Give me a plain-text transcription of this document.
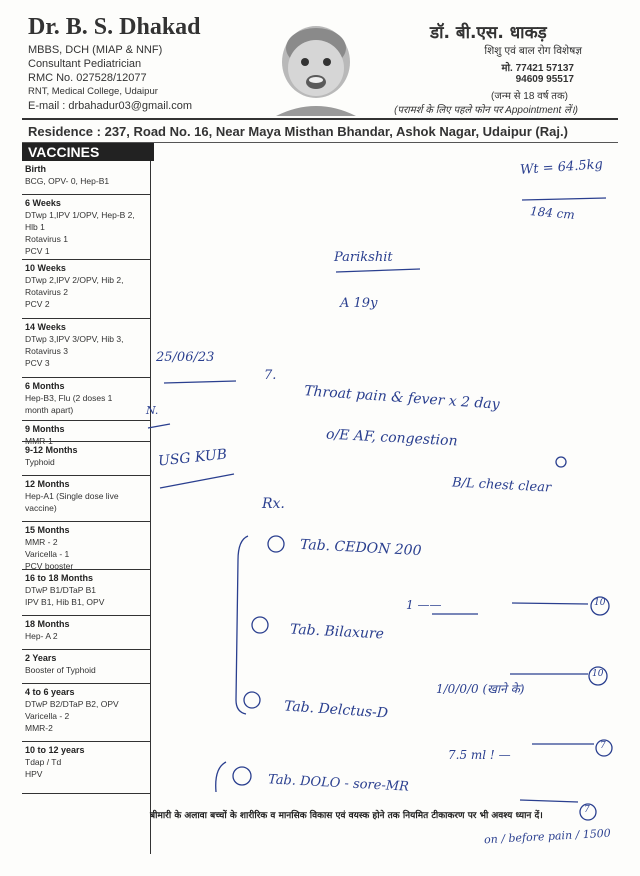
Dr. B. S. Dhakad
MBBS, DCH (MIAP & NNF)
Consultant Pediatrician
RMC No. 027528/12077
RNT, Medical College, Udaipur
E-mail : drbahadur03@gmail.com
डॉ. बी.एस. धाकड़
शिशु एवं बाल रोग विशेषज्ञ
मो. 77421 57137
94609 95517
(जन्म से 18 वर्ष तक)
(परामर्श के लिए पहले फोन पर Appointment लें।)
Residence : 237, Road No. 16, Near Maya Misthan Bhandar, Ashok Nagar, Udaipur (Raj.)
VACCINES
Birth
BCG, OPV- 0, Hep-B1
6 Weeks
DTwp 1,IPV 1/OPV, Hep-B 2,
Hlb 1
Rotavirus 1
PCV 1
10 Weeks
DTwp 2,IPV 2/OPV, Hib 2,
Rotavirus 2
PCV 2
14 Weeks
DTwp 3,IPV 3/OPV, Hib 3,
Rotavirus 3
PCV 3
6 Months
Hep-B3, Flu (2 doses 1
month apart)
9 Months
MMR-1
9-12 Months
Typhoid
12 Months
Hep-A1 (Single dose live
vaccine)
15 Months
MMR - 2
Varicella - 1
PCV booster
16 to 18 Months
DTwP B1/DTaP B1
IPV B1, Hib B1, OPV
18 Months
Hep- A 2
2 Years
Booster of Typhoid
4 to 6 years
DTwP B2/DTaP B2, OPV
Varicella - 2
MMR-2
10 to 12 years
Tdap / Td
HPV
बीमारी के अलावा बच्चों के शारीरिक व मानसिक विकास एवं वयस्क होने तक नियमित टीकाकरण पर भी अवश्य ध्यान दें।
Wt = 64.5kg
184 cm
Parikshit
A 19y
25/06/23
7.
Throat pain & fever x 2 day
o/E AF, congestion
B/L chest clear
USG KUB
N.
Rx.
Tab. CEDON 200
1 ——	10
Tab. Bilaxure
10
1/0/0/0 (खाने के)
Tab. Delctus-D
7.5 ml ! —
7
Tab. DOLO - sore-MR
7
on / before pain / 1500
